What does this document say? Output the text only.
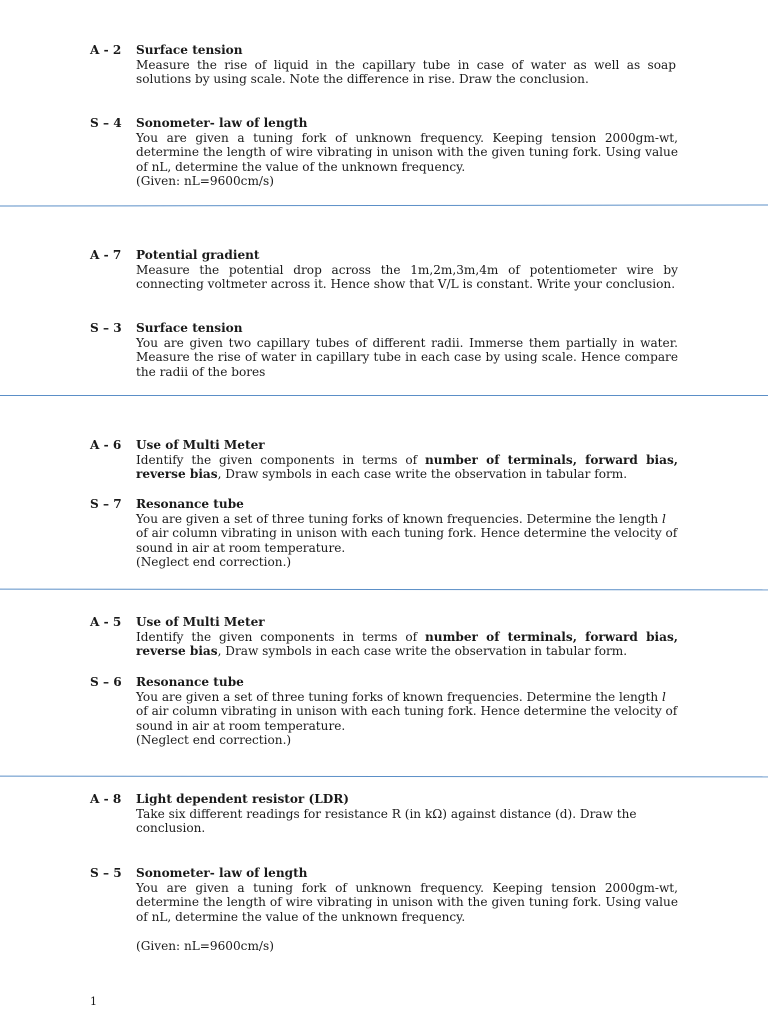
A - 2 Surface tension

Measure the rise of liquid in the capillary tube in case of water as well as soap solutions by using scale. Note the difference in rise. Draw the conclusion.

S – 4 Sonometer- law of length

You are given a tuning fork of unknown frequency. Keeping tension 2000gm-wt, determine the length of wire vibrating in unison with the given tuning fork. Using value of nL, determine the value of the unknown frequency.

(Given: nL=9600cm/s)

A - 7 Potential gradient

Measure the potential drop across the 1m,2m,3m,4m of potentiometer wire by connecting voltmeter across it. Hence show that V/L is constant. Write your conclusion.

S – 3 Surface tension

You are given two capillary tubes of different radii. Immerse them partially in water. Measure the rise of water in capillary tube in each case by using scale. Hence compare the radii of the bores

A - 6 Use of Multi Meter

Identify the given components in terms of number of terminals, forward bias, reverse bias, Draw symbols in each case write the observation in tabular form.

S – 7 Resonance tube

You are given a set of three tuning forks of known frequencies. Determine the length l of air column vibrating in unison with each tuning fork. Hence determine the velocity of sound in air at room temperature.

(Neglect end correction.)

A - 5 Use of Multi Meter

Identify the given components in terms of number of terminals, forward bias, reverse bias, Draw symbols in each case write the observation in tabular form.

S – 6 Resonance tube

You are given a set of three tuning forks of known frequencies. Determine the length l of air column vibrating in unison with each tuning fork. Hence determine the velocity of sound in air at room temperature.

(Neglect end correction.)

A - 8 Light dependent resistor (LDR)

Take six different readings for resistance R (in kΩ) against distance (d). Draw the conclusion.

S – 5 Sonometer- law of length

You are given a tuning fork of unknown frequency. Keeping tension 2000gm-wt, determine the length of wire vibrating in unison with the given tuning fork. Using value of nL, determine the value of the unknown frequency.

(Given: nL=9600cm/s)

1
